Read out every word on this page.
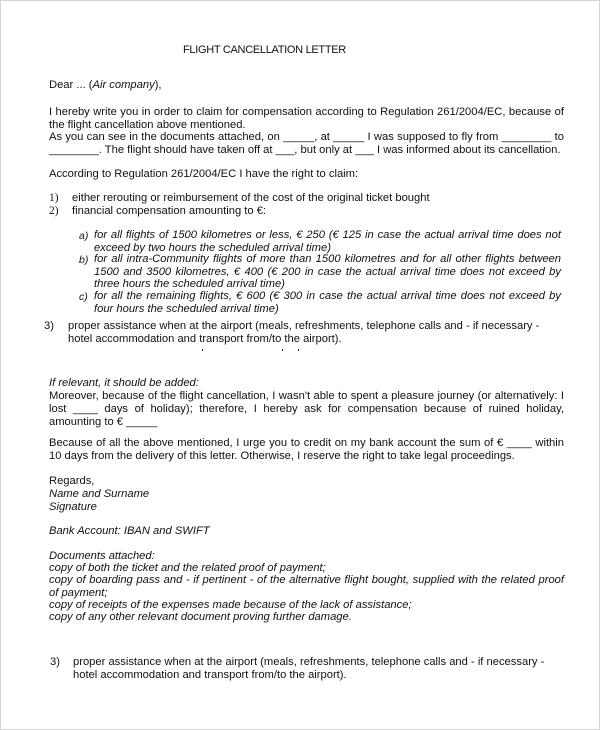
FLIGHT CANCELLATION LETTER
Dear ... (Air company),
I hereby write you in order to claim for compensation according to Regulation 261/2004/EC, because of the flight cancellation above mentioned.
As you can see in the documents attached, on _____, at _____ I was supposed to fly from ________ to ________. The flight should have taken off at ___, but only at ___ I was informed about its cancellation.
According to Regulation 261/2004/EC I have the right to claim:
1) either rerouting or reimbursement of the cost of the original ticket bought
2) financial compensation amounting to €:
a) for all flights of 1500 kilometres or less, € 250 (€ 125 in case the actual arrival time does not exceed by two hours the scheduled arrival time)
b) for all intra-Community flights of more than 1500 kilometres and for all other flights between 1500 and 3500 kilometres, € 400 (€ 200 in case the actual arrival time does not exceed by three hours the scheduled arrival time)
c) for all the remaining flights, € 600 (€ 300 in case the actual arrival time does not exceed by four hours the scheduled arrival time)
3) proper assistance when at the airport (meals, refreshments, telephone calls and - if necessary - hotel accommodation and transport from/to the airport).
If relevant, it should be added:
Moreover, because of the flight cancellation, I wasn't able to spent a pleasure journey (or alternatively: I lost ____ days of holiday); therefore, I hereby ask for compensation because of ruined holiday, amounting to € _____
Because of all the above mentioned, I urge you to credit on my bank account the sum of € ____ within 10 days from the delivery of this letter. Otherwise, I reserve the right to take legal proceedings.
Regards,
Name and Surname
Signature
Bank Account: IBAN and SWIFT
Documents attached:
copy of both the ticket and the related proof of payment;
copy of boarding pass and - if pertinent - of the alternative flight bought, supplied with the related proof of payment;
copy of receipts of the expenses made because of the lack of assistance;
copy of any other relevant document proving further damage.
3) proper assistance when at the airport (meals, refreshments, telephone calls and - if necessary - hotel accommodation and transport from/to the airport).
